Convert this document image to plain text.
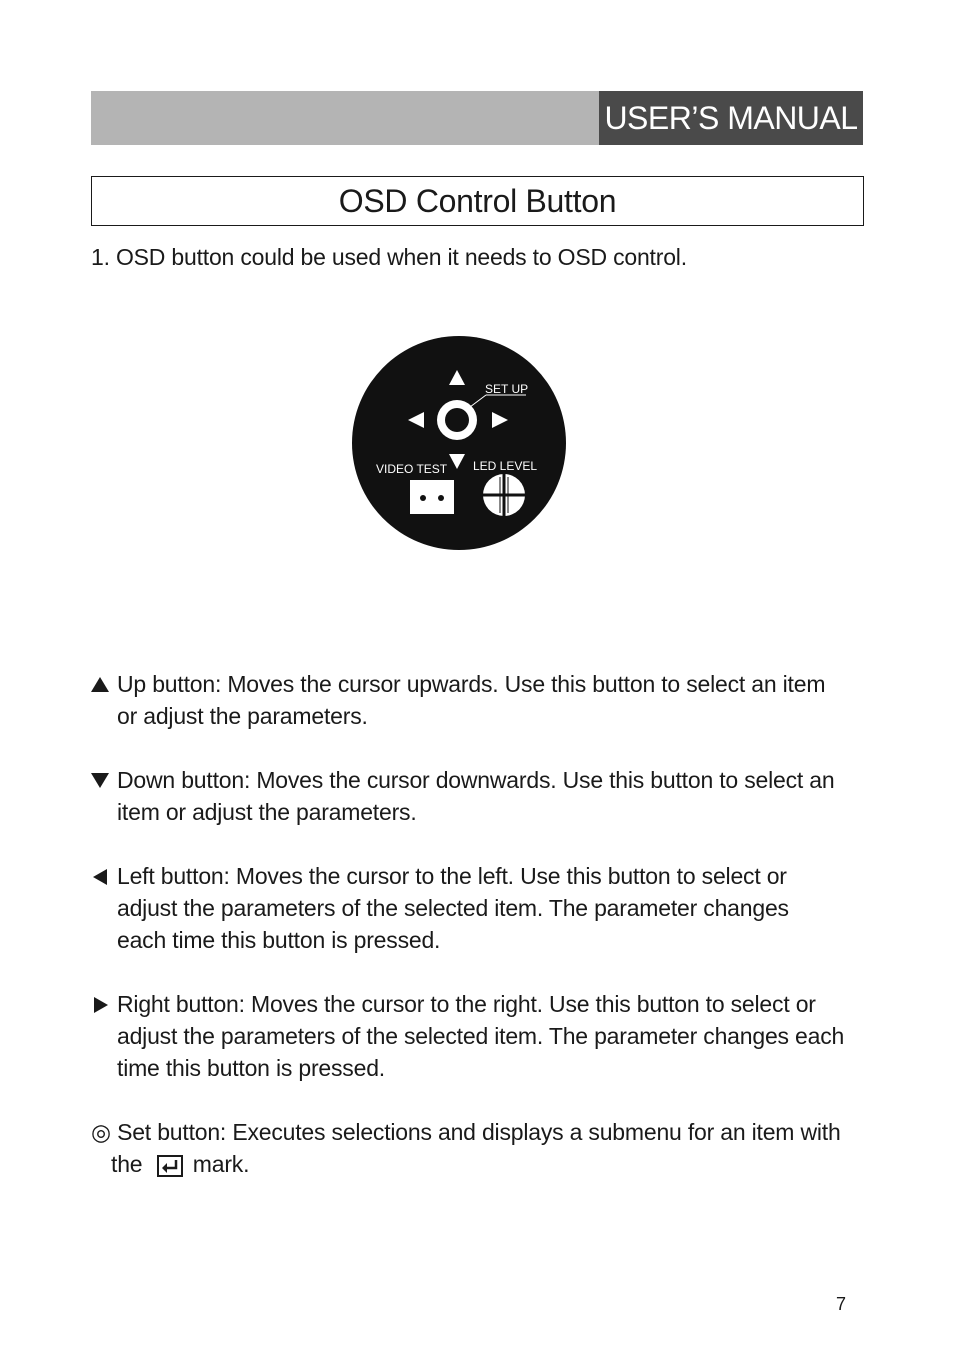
USER’S MANUAL
OSD Control Button
1. OSD button could be used when it needs to OSD control.
SET UP
VIDEO TEST LED LEVEL
Up button: Moves the cursor upwards. Use this button to select an item
or adjust the parameters.
Down button: Moves the cursor downwards. Use this button to select an
item or adjust the parameters.
Left button: Moves the cursor to the left. Use this button to select or
adjust the parameters of the selected item. The parameter changes
each time this button is pressed.
Right button: Moves the cursor to the right. Use this button to select or
adjust the parameters of the selected item. The parameter changes each
time this button is pressed.
◎ Set button: Executes selections and displays a submenu for an item with
the mark.
7
